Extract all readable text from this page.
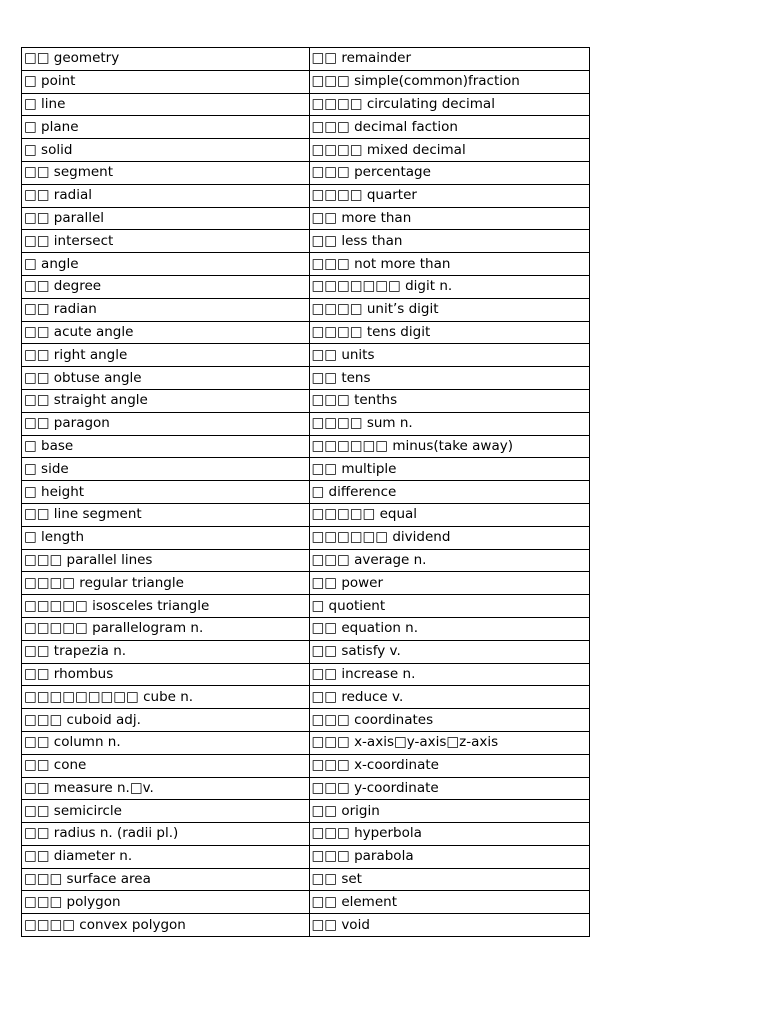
□□ geometry	□□ remainder
□ point	□□□ simple(common)fraction
□ line	□□□□ circulating decimal
□ plane	□□□ decimal faction
□ solid	□□□□ mixed decimal
□□ segment	□□□ percentage
□□ radial	□□□□ quarter
□□ parallel	□□ more than
□□ intersect	□□ less than
□ angle	□□□ not more than
□□ degree	□□□□□□□ digit n.
□□ radian	□□□□ unit’s digit
□□ acute angle	□□□□ tens digit
□□ right angle	□□ units
□□ obtuse angle	□□ tens
□□ straight angle	□□□ tenths
□□ paragon	□□□□ sum n.
□ base	□□□□□□ minus(take away)
□ side	□□ multiple
□ height	□ difference
□□ line segment	□□□□□ equal
□ length	□□□□□□ dividend
□□□ parallel lines	□□□ average n.
□□□□ regular triangle	□□ power
□□□□□ isosceles triangle	□ quotient
□□□□□ parallelogram n.	□□ equation n.
□□ trapezia n.	□□ satisfy v.
□□ rhombus	□□ increase n.
□□□□□□□□□ cube n.	□□ reduce v.
□□□ cuboid adj.	□□□ coordinates
□□ column n.	□□□ x-axis□y-axis□z-axis
□□ cone	□□□ x-coordinate
□□ measure n.□v.	□□□ y-coordinate
□□ semicircle	□□ origin
□□ radius n. (radii pl.)	□□□ hyperbola
□□ diameter n.	□□□ parabola
□□□ surface area	□□ set
□□□ polygon	□□ element
□□□□ convex polygon	□□ void
